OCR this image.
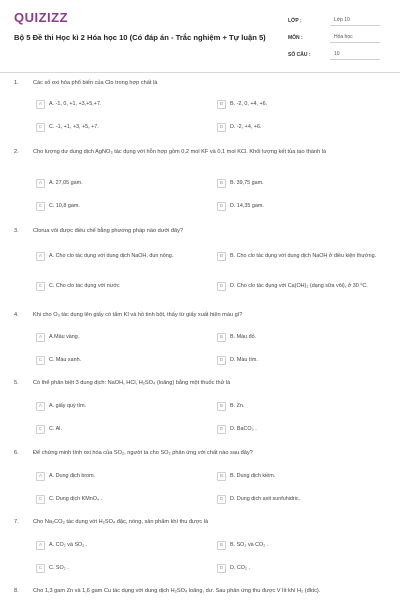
QUIZIZZ
Bộ 5 Đề thi Học kì 2 Hóa học 10 (Có đáp án - Trắc nghiệm + Tự luận 5)
LỚP :	Lớp 10
MÔN :	Hóa học
SỐ CÂU :	10
1.	Các số oxi hóa phổ biến của Clo trong hợp chất là
A	A. -1, 0, +1, +3,+5,+7.	B	B. -2, 0, +4, +6.
C	C. -1, +1, +3, +5, +7.	D	D. -2, +4, +6.
2.	Cho lượng dư dung dịch AgNO₃ tác dụng với hỗn hợp gồm 0,2 mol KF và 0,1 mol KCl. Khối lượng kết tủa tạo thành là
A	A. 27,05 gam.	B	B. 39,75 gam.
C	C. 10,8 gam.	D	D. 14,35 gam.
3.	Clorua vôi được điều chế bằng phương pháp nào dưới đây?
A	A. Cho clo tác dụng với dung dịch NaOH, đun nóng.	B	B. Cho clo tác dụng với dung dịch NaOH ở điều kiện thường.
C	C. Cho clo tác dụng với nước	D	D. Cho clo tác dụng với Ca(OH)₂ (dạng sữa vôi), ở 30 °C.
4.	Khi cho O₃ tác dụng lên giấy có tẩm KI và hồ tinh bột, thấy từ giấy xuất hiện màu gì?
A	A.Màu vàng.	B	B. Màu đỏ.
C	C. Màu xanh.	D	D. Màu tím.
5.	Có thể phân biệt 3 dung dịch: NaOH, HCl, H₂SO₄ (loãng) bằng một thuốc thử là
A	A. giấy quỳ tím.	B	B. Zn.
C	C. Al.	D	D. BaCO₃ .
6.	Để chứng minh tính oxi hóa của SO₂, người ta cho SO₂ phản ứng với chất nào sau đây?
A	A. Dung dịch brom.	B	B. Dung dịch kiềm.
C	C. Dung dịch KMnO₄ .	D	D. Dung dịch axit sunfuhidric.
7.	Cho Na₂CO₃ tác dụng với H₂SO₄ đặc, nóng, sản phẩm khí thu được là
A	A. CO₂ và SO₂ .	B	B. SO₂ và CO₂ .
C	C. SO₂ .	D	D. CO₂ .
8.	Cho 1,3 gam Zn và 1,6 gam Cu tác dụng với dung dịch H₂SO₄ loãng, dư. Sau phản ứng thu được V lít khí H₂ (đktc).
